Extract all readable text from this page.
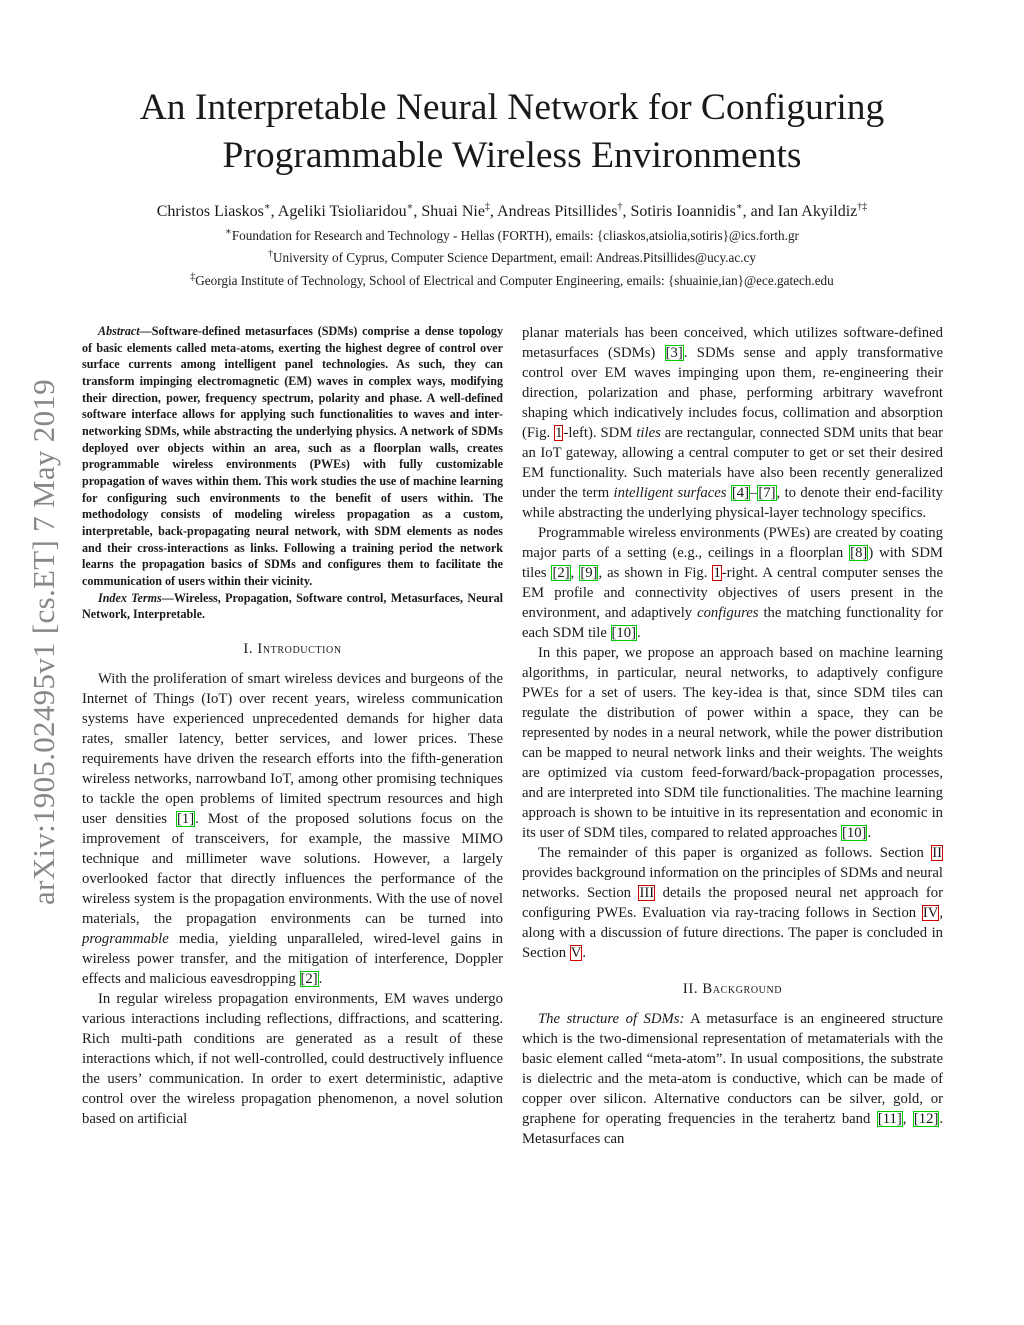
arXiv:1905.02495v1 [cs.ET] 7 May 2019
An Interpretable Neural Network for Configuring
Programmable Wireless Environments
Christos Liaskos∗, Ageliki Tsioliaridou∗, Shuai Nie‡, Andreas Pitsillides†, Sotiris Ioannidis∗, and Ian Akyildiz†‡
∗Foundation for Research and Technology - Hellas (FORTH), emails: {cliaskos,atsiolia,sotiris}@ics.forth.gr
†University of Cyprus, Computer Science Department, email: Andreas.Pitsillides@ucy.ac.cy
‡Georgia Institute of Technology, School of Electrical and Computer Engineering, emails: {shuainie,ian}@ece.gatech.edu

Abstract—Software-defined metasurfaces (SDMs) comprise a dense topology of basic elements called meta-atoms, exerting the highest degree of control over surface currents among intelligent panel technologies. As such, they can transform impinging electromagnetic (EM) waves in complex ways, modifying their direction, power, frequency spectrum, polarity and phase. A well-defined software interface allows for applying such functionalities to waves and inter-networking SDMs, while abstracting the underlying physics. A network of SDMs deployed over objects within an area, such as a floorplan walls, creates programmable wireless environments (PWEs) with fully customizable propagation of waves within them. This work studies the use of machine learning for configuring such environments to the benefit of users within. The methodology consists of modeling wireless propagation as a custom, interpretable, back-propagating neural network, with SDM elements as nodes and their cross-interactions as links. Following a training period the network learns the propagation basics of SDMs and configures them to facilitate the communication of users within their vicinity.

Index Terms—Wireless, Propagation, Software control, Metasurfaces, Neural Network, Interpretable.

I. Introduction

With the proliferation of smart wireless devices and burgeons of the Internet of Things (IoT) over recent years, wireless communication systems have experienced unprecedented demands for higher data rates, smaller latency, better services, and lower prices. These requirements have driven the research efforts into the fifth-generation wireless networks, narrowband IoT, among other promising techniques to tackle the open problems of limited spectrum resources and high user densities [1]. Most of the proposed solutions focus on the improvement of transceivers, for example, the massive MIMO technique and millimeter wave solutions. However, a largely overlooked factor that directly influences the performance of the wireless system is the propagation environments. With the use of novel materials, the propagation environments can be turned into programmable media, yielding unparalleled, wired-level gains in wireless power transfer, and the mitigation of interference, Doppler effects and malicious eavesdropping [2].

In regular wireless propagation environments, EM waves undergo various interactions including reflections, diffractions, and scattering. Rich multi-path conditions are generated as a result of these interactions which, if not well-controlled, could destructively influence the users’ communication. In order to exert deterministic, adaptive control over the wireless propagation phenomenon, a novel solution based on artificial

planar materials has been conceived, which utilizes software-defined metasurfaces (SDMs) [3]. SDMs sense and apply transformative control over EM waves impinging upon them, re-engineering their direction, polarization and phase, performing arbitrary wavefront shaping which indicatively includes focus, collimation and absorption (Fig. 1-left). SDM tiles are rectangular, connected SDM units that bear an IoT gateway, allowing a central computer to get or set their desired EM functionality. Such materials have also been recently generalized under the term intelligent surfaces [4]–[7], to denote their end-facility while abstracting the underlying physical-layer technology specifics.

Programmable wireless environments (PWEs) are created by coating major parts of a setting (e.g., ceilings in a floorplan [8]) with SDM tiles [2], [9], as shown in Fig. 1-right. A central computer senses the EM profile and connectivity objectives of users present in the environment, and adaptively configures the matching functionality for each SDM tile [10].

In this paper, we propose an approach based on machine learning algorithms, in particular, neural networks, to adaptively configure PWEs for a set of users. The key-idea is that, since SDM tiles can regulate the distribution of power within a space, they can be represented by nodes in a neural network, while the power distribution can be mapped to neural network links and their weights. The weights are optimized via custom feed-forward/back-propagation processes, and are interpreted into SDM tile functionalities. The machine learning approach is shown to be intuitive in its representation and economic in its user of SDM tiles, compared to related approaches [10].

The remainder of this paper is organized as follows. Section II provides background information on the principles of SDMs and neural networks. Section III details the proposed neural net approach for configuring PWEs. Evaluation via ray-tracing follows in Section IV, along with a discussion of future directions. The paper is concluded in Section V.

II. Background

The structure of SDMs: A metasurface is an engineered structure which is the two-dimensional representation of metamaterials with the basic element called “meta-atom”. In usual compositions, the substrate is dielectric and the meta-atom is conductive, which can be made of copper over silicon. Alternative conductors can be silver, gold, or graphene for operating frequencies in the terahertz band [11], [12]. Metasurfaces can
